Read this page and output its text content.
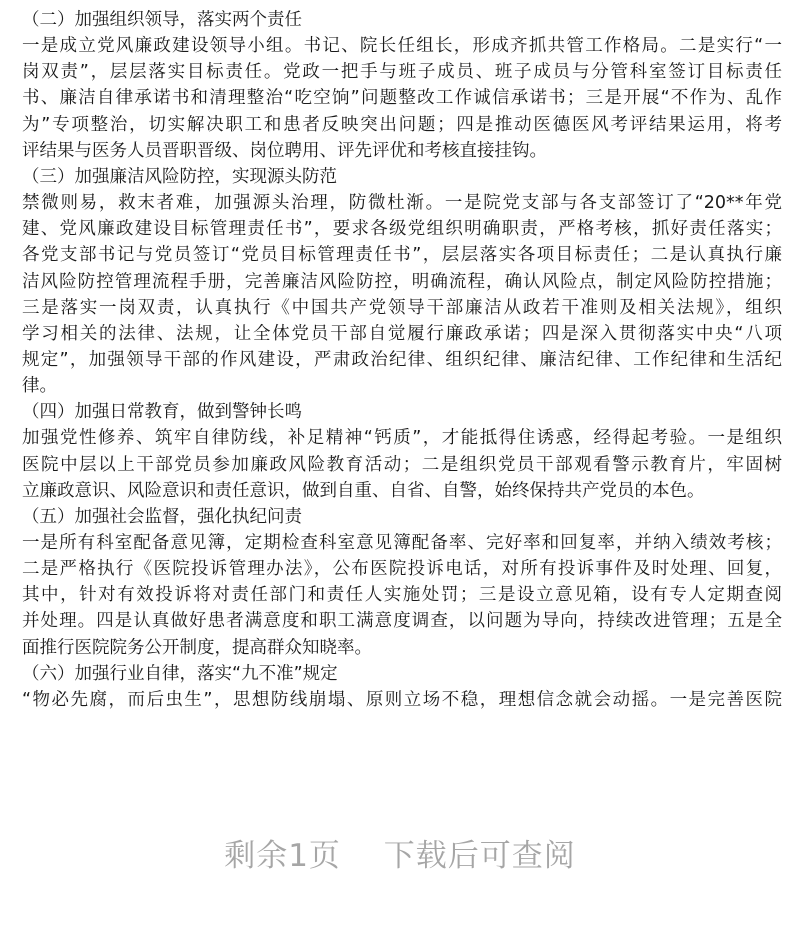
（二）加强组织领导，落实两个责任
一是成立党风廉政建设领导小组。书记、院长任组长，形成齐抓共管工作格局。二是实行“一
岗双责”，层层落实目标责任。党政一把手与班子成员、班子成员与分管科室签订目标责任
书、廉洁自律承诺书和清理整治“吃空饷”问题整改工作诚信承诺书；三是开展“不作为、乱作
为”专项整治，切实解决职工和患者反映突出问题；四是推动医德医风考评结果运用，将考
评结果与医务人员晋职晋级、岗位聘用、评先评优和考核直接挂钩。
（三）加强廉洁风险防控，实现源头防范
禁微则易，救末者难，加强源头治理，防微杜渐。一是院党支部与各支部签订了“20**年党
建、党风廉政建设目标管理责任书”，要求各级党组织明确职责，严格考核，抓好责任落实；
各党支部书记与党员签订“党员目标管理责任书”，层层落实各项目标责任；二是认真执行廉
洁风险防控管理流程手册，完善廉洁风险防控，明确流程，确认风险点，制定风险防控措施；
三是落实一岗双责，认真执行《中国共产党领导干部廉洁从政若干准则及相关法规》，组织
学习相关的法律、法规，让全体党员干部自觉履行廉政承诺；四是深入贯彻落实中央“八项
规定”，加强领导干部的作风建设，严肃政治纪律、组织纪律、廉洁纪律、工作纪律和生活纪
律。
（四）加强日常教育，做到警钟长鸣
加强党性修养、筑牢自律防线，补足精神“钙质”，才能抵得住诱惑，经得起考验。一是组织
医院中层以上干部党员参加廉政风险教育活动；二是组织党员干部观看警示教育片，牢固树
立廉政意识、风险意识和责任意识，做到自重、自省、自警，始终保持共产党员的本色。
（五）加强社会监督，强化执纪问责
一是所有科室配备意见簿，定期检查科室意见簿配备率、完好率和回复率，并纳入绩效考核；
二是严格执行《医院投诉管理办法》，公布医院投诉电话，对所有投诉事件及时处理、回复，
其中，针对有效投诉将对责任部门和责任人实施处罚；三是设立意见箱，设有专人定期查阅
并处理。四是认真做好患者满意度和职工满意度调查，以问题为导向，持续改进管理；五是全
面推行医院院务公开制度，提高群众知晓率。
（六）加强行业自律，落实“九不准”规定
“物必先腐，而后虫生”，思想防线崩塌、原则立场不稳，理想信念就会动摇。一是完善医院
剩余1页 下载后可查阅
